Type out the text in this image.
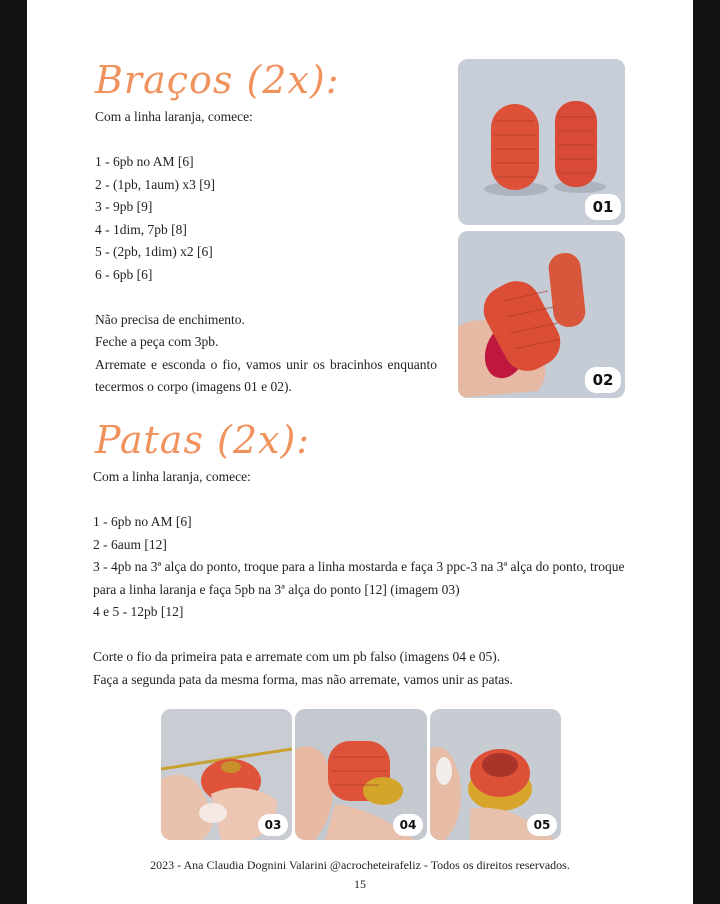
Braços (2x):

Com a linha laranja, comece:

1 - 6pb no AM [6]

2 - (1pb, 1aum) x3 [9]

3 - 9pb [9]

4 - 1dim, 7pb [8]

5 - (2pb, 1dim) x2 [6]

6 - 6pb [6]

Não precisa de enchimento.

Feche a peça com 3pb.

Arremate e esconda o fio, vamos unir os bracinhos enquanto tecermos o corpo (imagens 01 e 02).

01
02
Patas (2x):

Com a linha laranja, comece:

1 - 6pb no AM [6]

2 - 6aum [12]

3 - 4pb na 3ª alça do ponto, troque para a linha mostarda e faça 3 ppc-3 na 3ª alça do ponto, troque para a linha laranja e faça 5pb na 3ª alça do ponto [12] (imagem 03)

4 e 5 - 12pb [12]

Corte o fio da primeira pata e arremate com um pb falso (imagens 04 e 05).

Faça a segunda pata da mesma forma, mas não arremate, vamos unir as patas.

03	04	05

2023 - Ana Claudia Dognini Valarini @acrocheteirafeliz - Todos os direitos reservados.

15
